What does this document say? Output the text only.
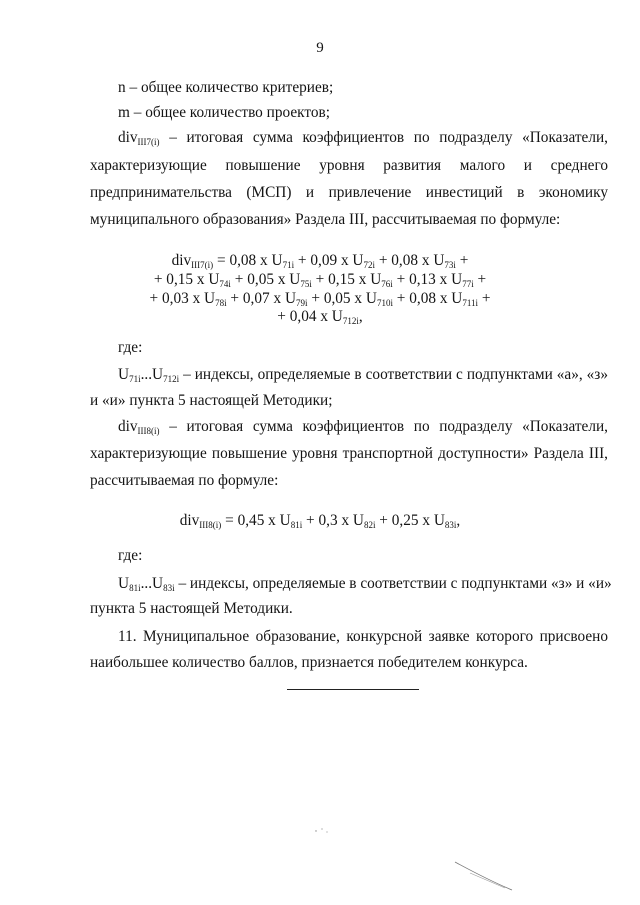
9
n – общее количество критериев;
m – общее количество проектов;
div$_{III7(i)}$ – итоговая сумма коэффициентов по подразделу «Показатели,
характеризующие повышение уровня развития малого и среднего
предпринимательства (МСП) и привлечение инвестиций в экономику
муниципального образования» Раздела III, рассчитываемая по формуле:
div$_{III7(i)}$ = 0,08 x $U_{71i} + 0,09$ x $U_{72i} + 0,08$ x $U_{73i}$ +
+ 0,15 x $U_{74i} + 0,05$ x $U_{75i} + 0,15$ x $U_{76i} + 0,13$ x $U_{77i}$ +
+ 0,03 x $U_{78i} + 0,07$ x $U_{79i} + 0,05$ x $U_{710i} + 0,08$ x $U_{711i}$ +
+ 0,04 x $U_{712i}$,
где:
$U_{71i}...U_{712i}$ – индексы, определяемые в соответствии с подпунктами «а», «з»
и «и» пункта 5 настоящей Методики;
div$_{III8(i)}$ – итоговая сумма коэффициентов по подразделу «Показатели,
характеризующие повышение уровня транспортной доступности» Раздела III,
рассчитываемая по формуле:
div$_{III8(i)}$ = 0,45 x $U_{81i} + 0,3$ x $U_{82i} + 0,25$ x $U_{83i}$,
где:
$U_{81i}...U_{83i}$ – индексы, определяемые в соответствии с подпунктами «з» и «и»
пункта 5 настоящей Методики.
11. Муниципальное образование, конкурсной заявке которого присвоено
наибольшее количество баллов, признается победителем конкурса.
